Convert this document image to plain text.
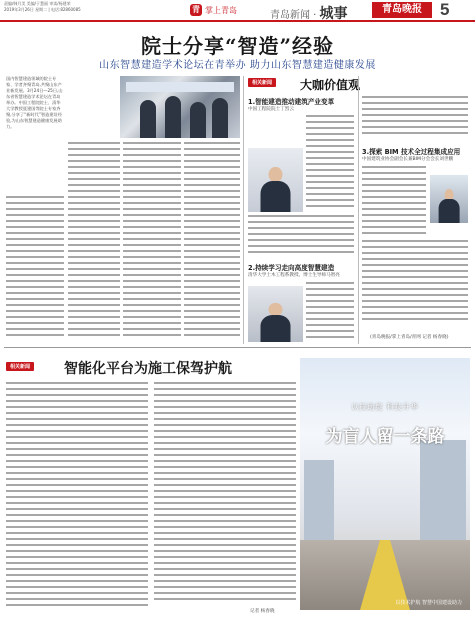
责编/韩月美 美编/于慧丽 审读/杨建荣
2019年3月26日 星期二 | 电话:82860085	青 掌上青岛	青岛新闻 · 城事	青岛晚报	5
院士分享“智造”经验
山东智慧建造学术论坛在青举办 助力山东智慧建造健康发展
国内智慧建造领域的院士专家、学者齐聚青岛,共聚山东产业新发展。3月24日—25日,山东省智慧建造学术论坛在青岛举办。中国工程院院士、清华大学教授聂建国等院士专家齐聚,分享了“新时代”智造建设经验,为山东智慧建造健康发展助力。
相关新闻	大咖价值观
1.智能建造推动建筑产业变革
中国工程院院士丁烈云
2.持续学习走向高度智慧建造
清华大学土木工程系教授、博士生导师马智亮
3.探索 BIM 技术全过程集成应用
中国建筑业协会副会长兼BIM分会会长刘世鹏
(青岛晚报/掌上青岛/青网 记者 杨春晓)
相关新闻 智能化平台为施工保驾护航
记者 杨春晓
以技助绽 科技升华
为盲人留一条路
以技术护航 智慧中国建设助力
